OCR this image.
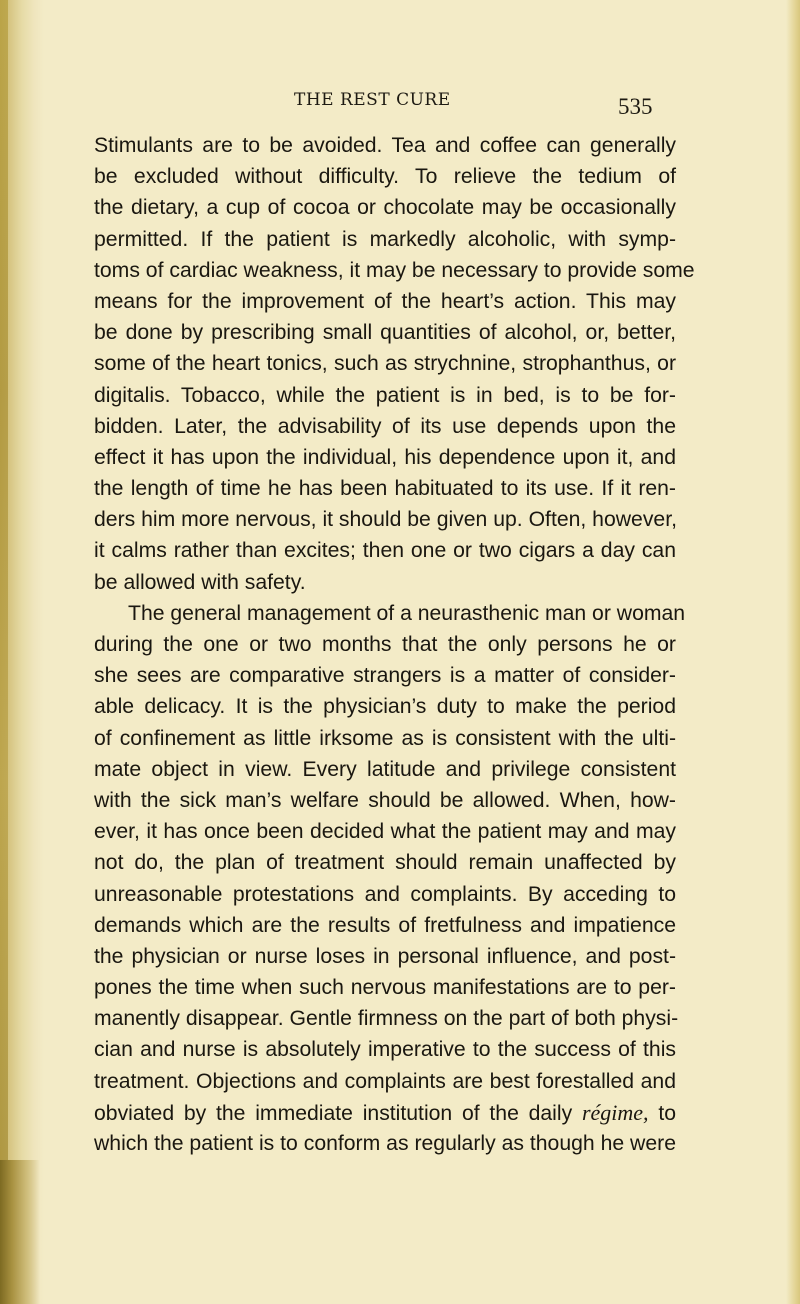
THE REST CURE	535
Stimulants are to be avoided. Tea and coffee can generally
be excluded without difficulty. To relieve the tedium of
the dietary, a cup of cocoa or chocolate may be occasionally
permitted. If the patient is markedly alcoholic, with symp-
toms of cardiac weakness, it may be necessary to provide some
means for the improvement of the heart’s action. This may
be done by prescribing small quantities of alcohol, or, better,
some of the heart tonics, such as strychnine, strophanthus, or
digitalis. Tobacco, while the patient is in bed, is to be for-
bidden. Later, the advisability of its use depends upon the
effect it has upon the individual, his dependence upon it, and
the length of time he has been habituated to its use. If it ren-
ders him more nervous, it should be given up. Often, however,
it calms rather than excites; then one or two cigars a day can
be allowed with safety.
The general management of a neurasthenic man or woman
during the one or two months that the only persons he or
she sees are comparative strangers is a matter of consider-
able delicacy. It is the physician’s duty to make the period
of confinement as little irksome as is consistent with the ulti-
mate object in view. Every latitude and privilege consistent
with the sick man’s welfare should be allowed. When, how-
ever, it has once been decided what the patient may and may
not do, the plan of treatment should remain unaffected by
unreasonable protestations and complaints. By acceding to
demands which are the results of fretfulness and impatience
the physician or nurse loses in personal influence, and post-
pones the time when such nervous manifestations are to per-
manently disappear. Gentle firmness on the part of both physi-
cian and nurse is absolutely imperative to the success of this
treatment. Objections and complaints are best forestalled and
obviated by the immediate institution of the daily régime, to
which the patient is to conform as regularly as though he were
